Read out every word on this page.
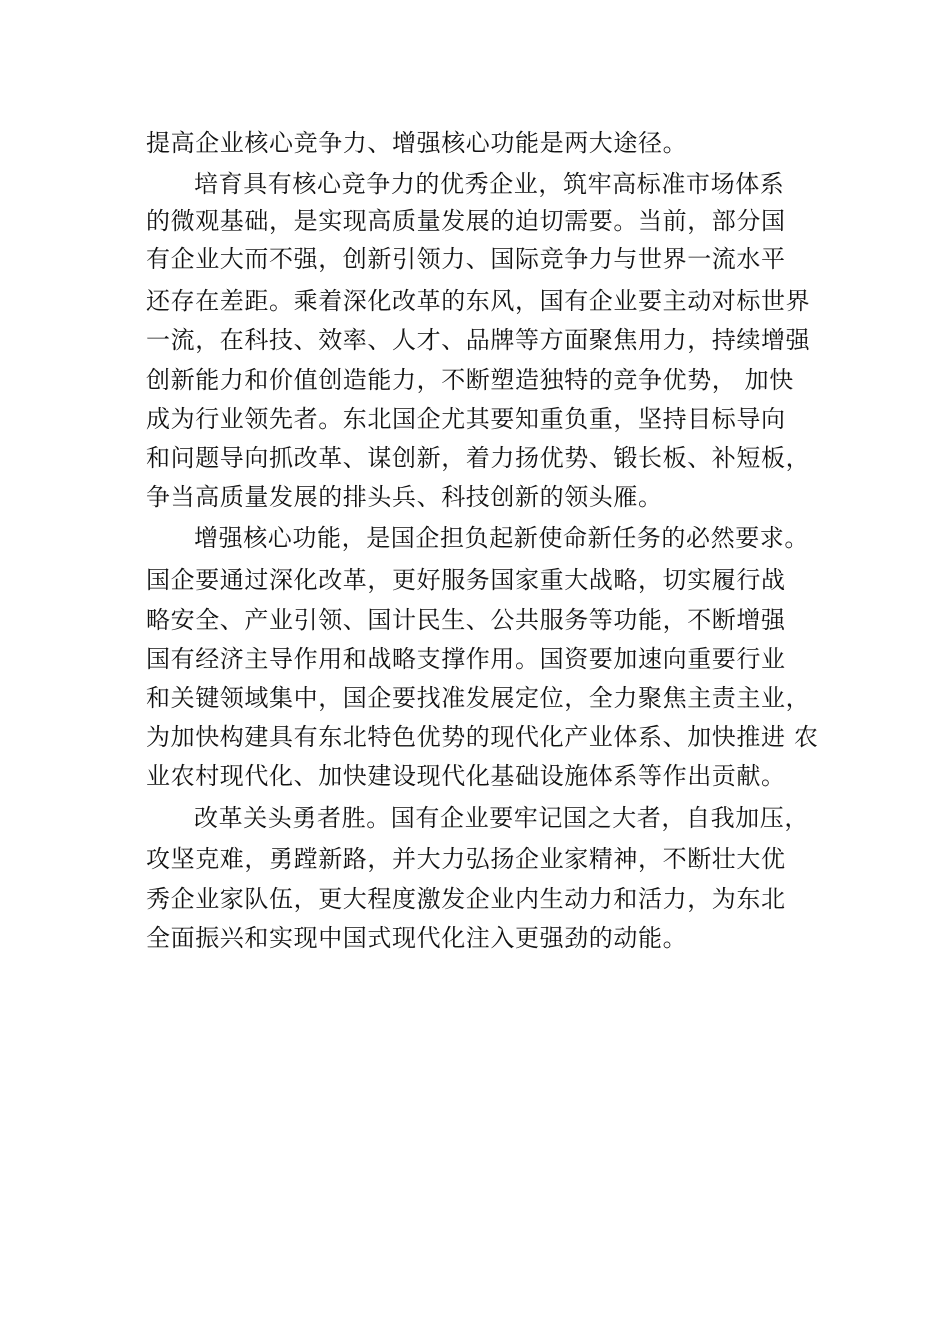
提高企业核心竞争力、增强核心功能是两大途径。
培育具有核心竞争力的优秀企业，筑牢高标准市场体系
的微观基础，是实现高质量发展的迫切需要。当前，部分国
有企业大而不强，创新引领力、国际竞争力与世界一流水平
还存在差距。乘着深化改革的东风，国有企业要主动对标世界
一流，在科技、效率、人才、品牌等方面聚焦用力，持续增强
创新能力和价值创造能力，不断塑造独特的竞争优势， 加快
成为行业领先者。东北国企尤其要知重负重，坚持目标导向
和问题导向抓改革、谋创新，着力扬优势、锻长板、补短板，
争当高质量发展的排头兵、科技创新的领头雁。
增强核心功能，是国企担负起新使命新任务的必然要求。
国企要通过深化改革，更好服务国家重大战略，切实履行战
略安全、产业引领、国计民生、公共服务等功能，不断增强
国有经济主导作用和战略支撑作用。国资要加速向重要行业
和关键领域集中，国企要找准发展定位，全力聚焦主责主业，
为加快构建具有东北特色优势的现代化产业体系、加快推进 农
业农村现代化、加快建设现代化基础设施体系等作出贡献。
改革关头勇者胜。国有企业要牢记国之大者，自我加压，
攻坚克难，勇蹚新路，并大力弘扬企业家精神，不断壮大优
秀企业家队伍，更大程度激发企业内生动力和活力，为东北
全面振兴和实现中国式现代化注入更强劲的动能。
